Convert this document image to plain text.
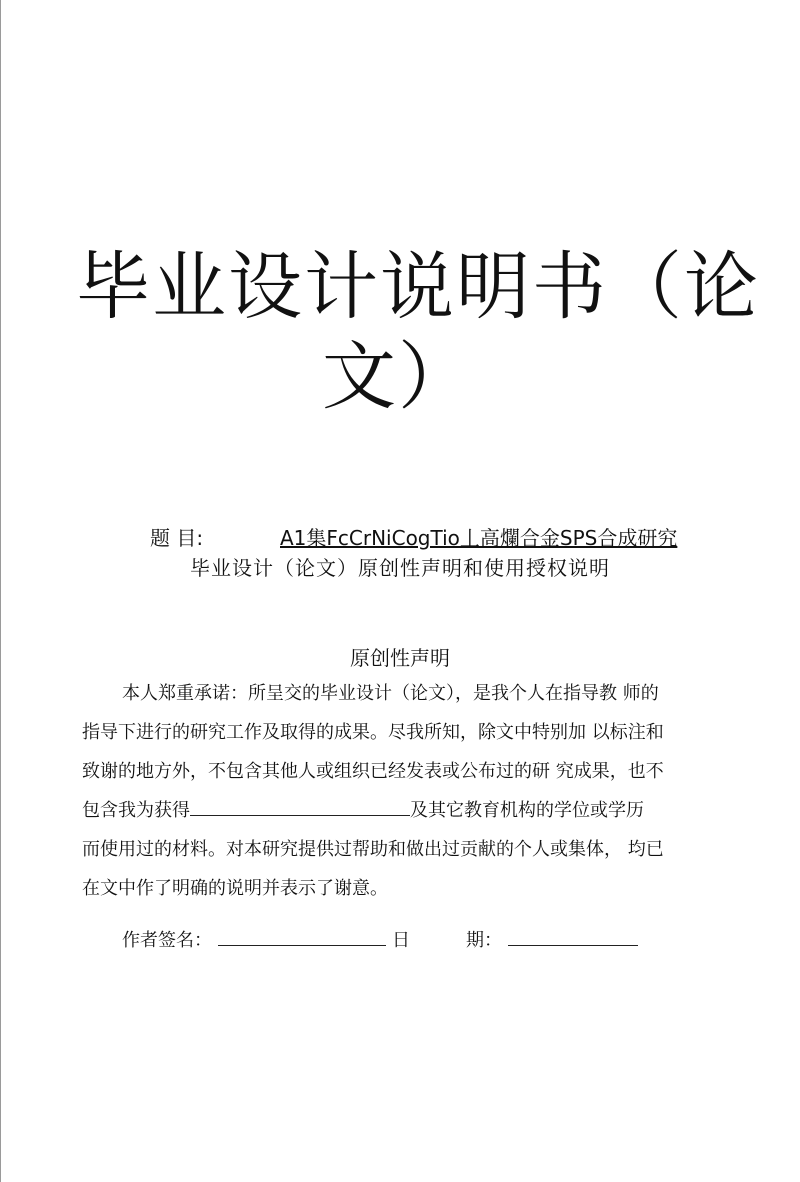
毕业设计说明书（论
文）
题 目:	A1集FcCrNiCogTio丄高爛合金SPS合成研究
毕业设计（论文）原创性声明和使用授权说明
原创性声明
本人郑重承诺：所呈交的毕业设计（论文），是我个人在指导教 师的
指导下进行的研究工作及取得的成果。尽我所知，除文中特别加 以标注和
致谢的地方外，不包含其他人或组织已经发表或公布过的研 究成果，也不
包含我为获得	及其它教育机构的学位或学历
而使用过的材料。对本研究提供过帮助和做出过贡献的个人或集体， 均已
在文中作了明确的说明并表示了谢意。
作者签名：	日	期：
